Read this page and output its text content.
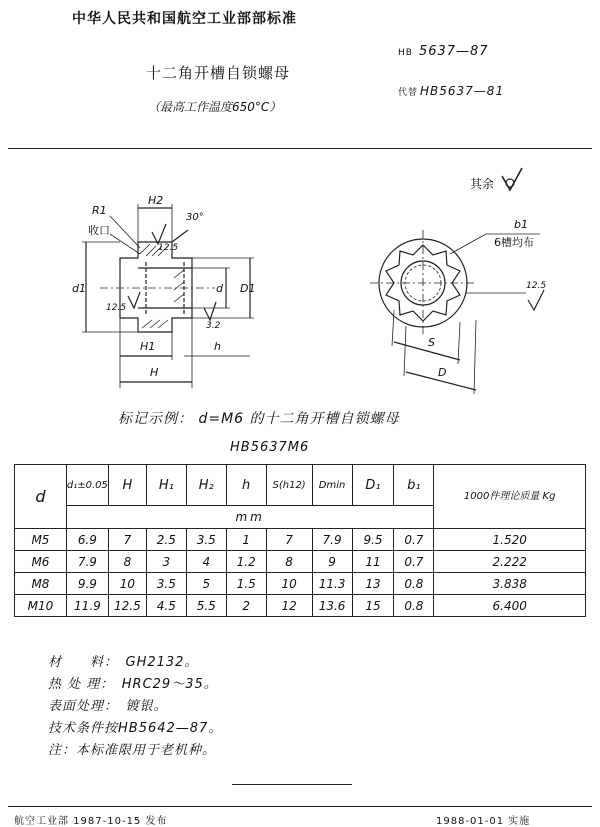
中华人民共和国航空工业部部标准
十二角开槽自锁螺母
（最高工作温度650°C）
HB 5637—87
代替 HB5637—81
R1
收口
H2
30°
12.5
12.5
3.2
d1	d D1
H1	h
H
b1
6槽均布
12.5
S
D
其余
标记示例： d=M6 的十二角开槽自锁螺母
HB5637M6
d	d₁±0.05	H	H₁	H₂	h	S(h12)	Dmin	D₁	b₁	1000件理论质量 Kg
	mm									
M5	6.9	7	2.5	3.5	1	7	7.9	9.5	0.7	1.520
M6	7.9	8	3	4	1.2	8	9	11	0.7	2.222
M8	9.9	10	3.5	5	1.5	10	11.3	13	0.8	3.838
M10	11.9	12.5	4.5	5.5	2	12	13.6	15	0.8	6.400
材　　料：　GH2132。
热 处 理：　HRC29～35。
表面处理：　镀银。
技术条件按HB5642—87。
注：本标准限用于老机种。
航空工业部 1987-10-15 发布	1988-01-01 实施
